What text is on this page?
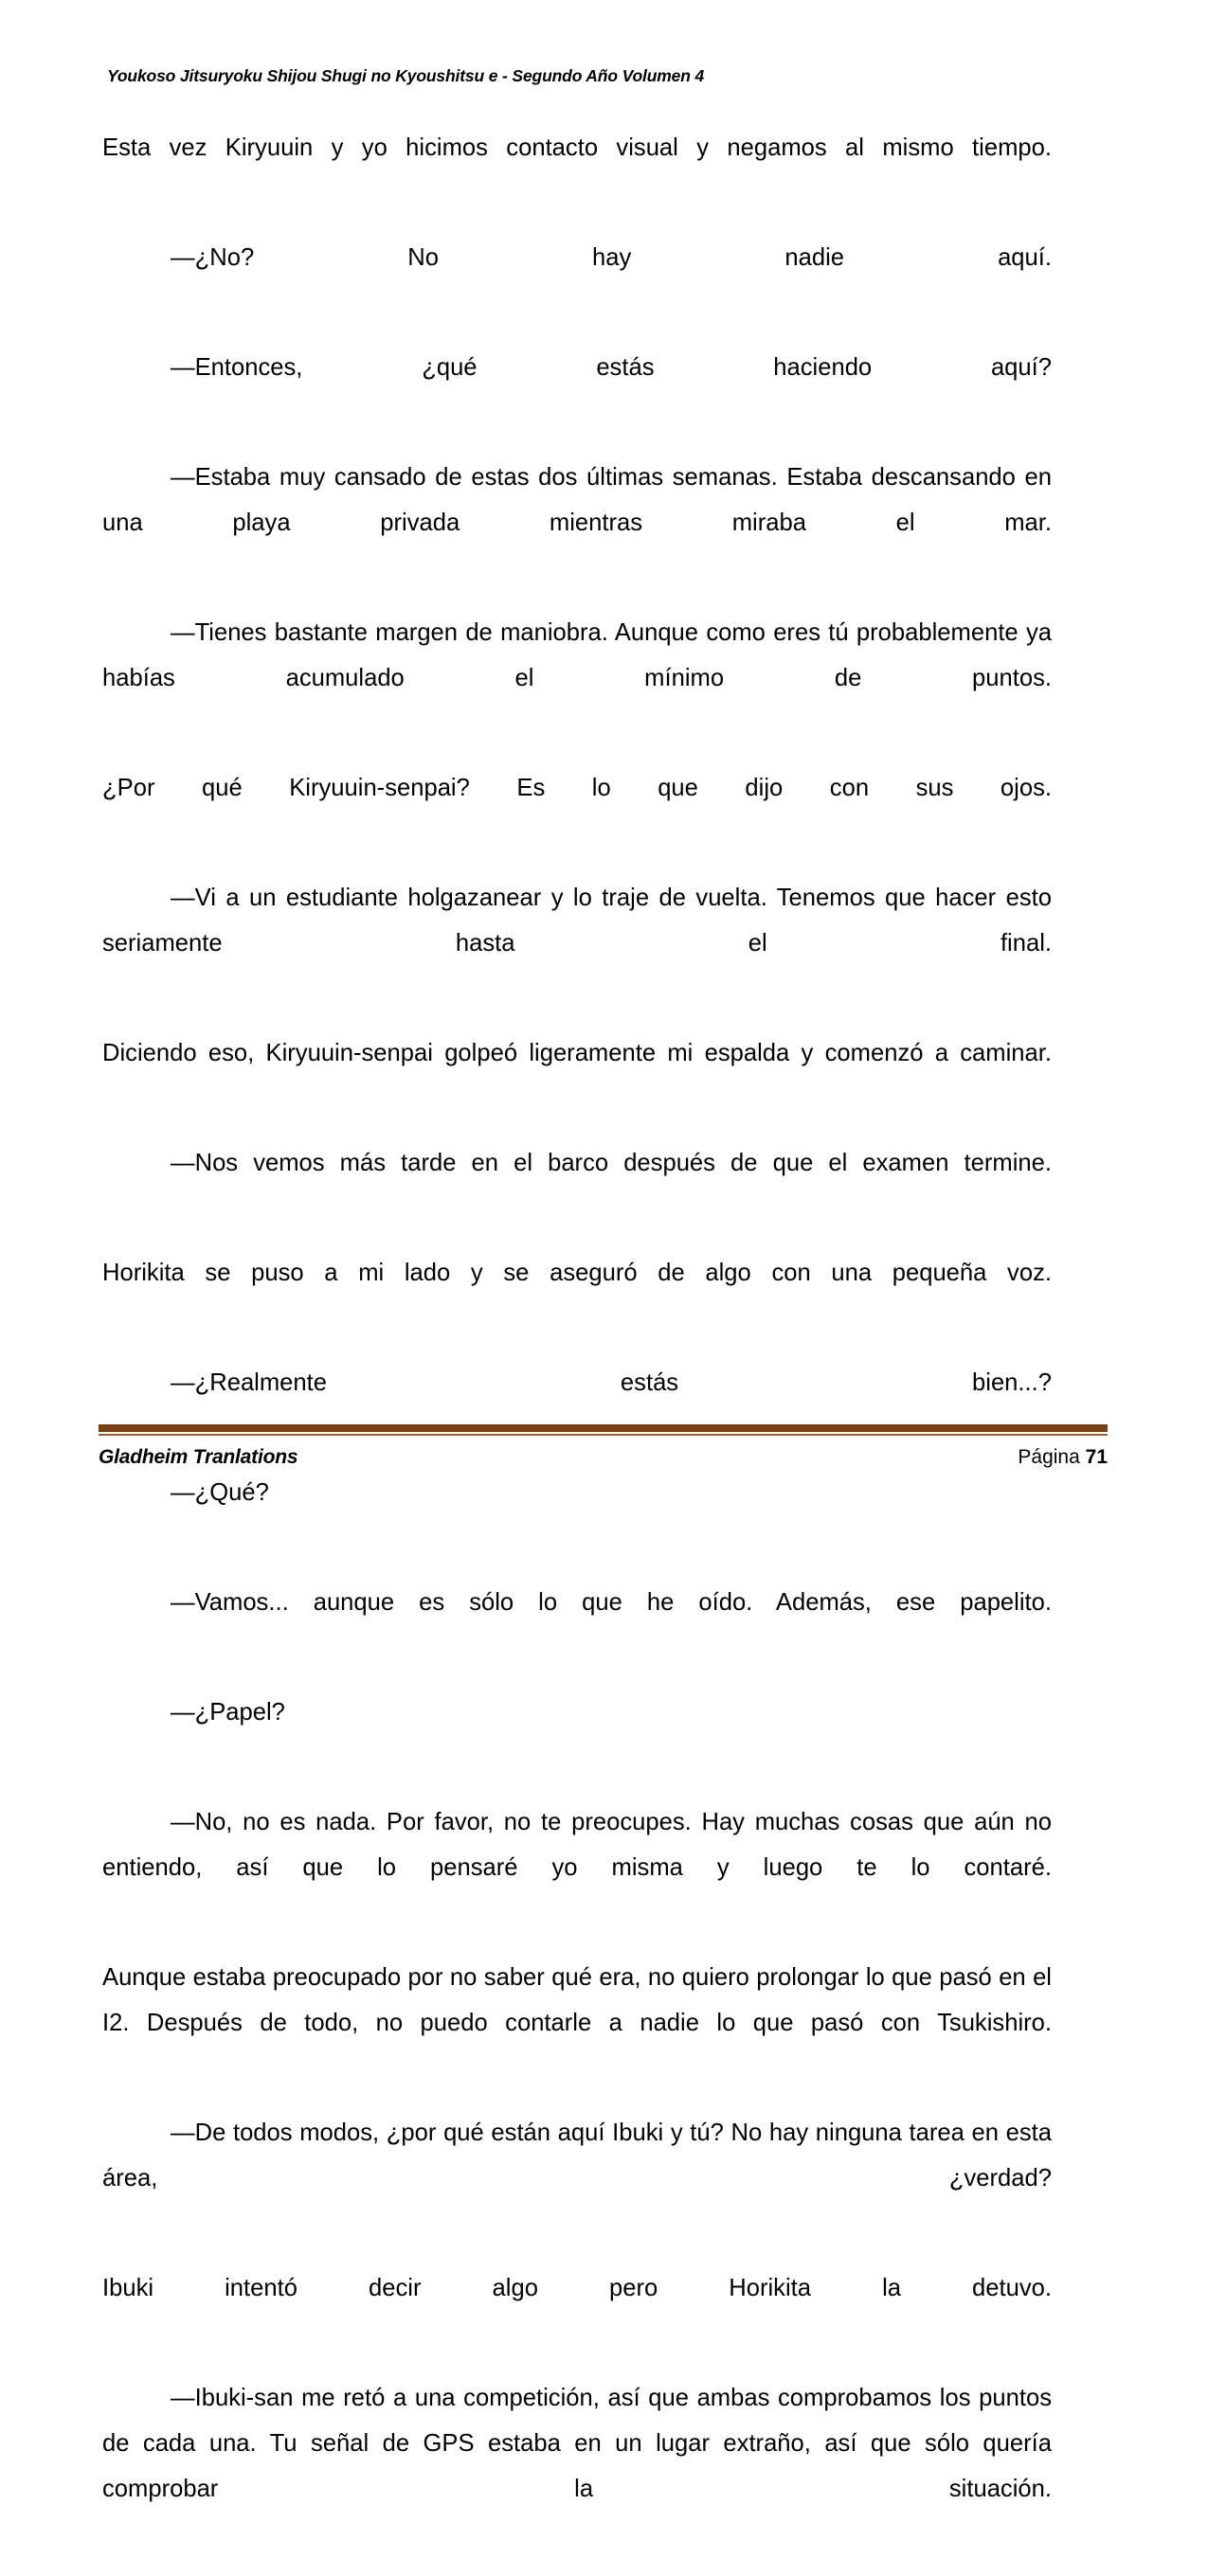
Youkoso Jitsuryoku Shijou Shugi no Kyoushitsu e - Segundo Año Volumen 4

Esta vez Kiryuuin y yo hicimos contacto visual y negamos al mismo tiempo.

—¿No? No hay nadie aquí.

—Entonces, ¿qué estás haciendo aquí?

—Estaba muy cansado de estas dos últimas semanas. Estaba descansando en una playa privada mientras miraba el mar.

—Tienes bastante margen de maniobra. Aunque como eres tú probablemente ya habías acumulado el mínimo de puntos.

¿Por qué Kiryuuin-senpai? Es lo que dijo con sus ojos.

—Vi a un estudiante holgazanear y lo traje de vuelta. Tenemos que hacer esto seriamente hasta el final.

Diciendo eso, Kiryuuin-senpai golpeó ligeramente mi espalda y comenzó a caminar.

—Nos vemos más tarde en el barco después de que el examen termine.

Horikita se puso a mi lado y se aseguró de algo con una pequeña voz.

—¿Realmente estás bien...?

—¿Qué?

—Vamos... aunque es sólo lo que he oído. Además, ese papelito.

—¿Papel?

—No, no es nada. Por favor, no te preocupes. Hay muchas cosas que aún no entiendo, así que lo pensaré yo misma y luego te lo contaré.

Aunque estaba preocupado por no saber qué era, no quiero prolongar lo que pasó en el I2. Después de todo, no puedo contarle a nadie lo que pasó con Tsukishiro.

—De todos modos, ¿por qué están aquí Ibuki y tú? No hay ninguna tarea en esta área, ¿verdad?

Ibuki intentó decir algo pero Horikita la detuvo.

—Ibuki-san me retó a una competición, así que ambas comprobamos los puntos de cada una. Tu señal de GPS estaba en un lugar extraño, así que sólo quería comprobar la situación.

Gladheim Tranlations	Página 71
